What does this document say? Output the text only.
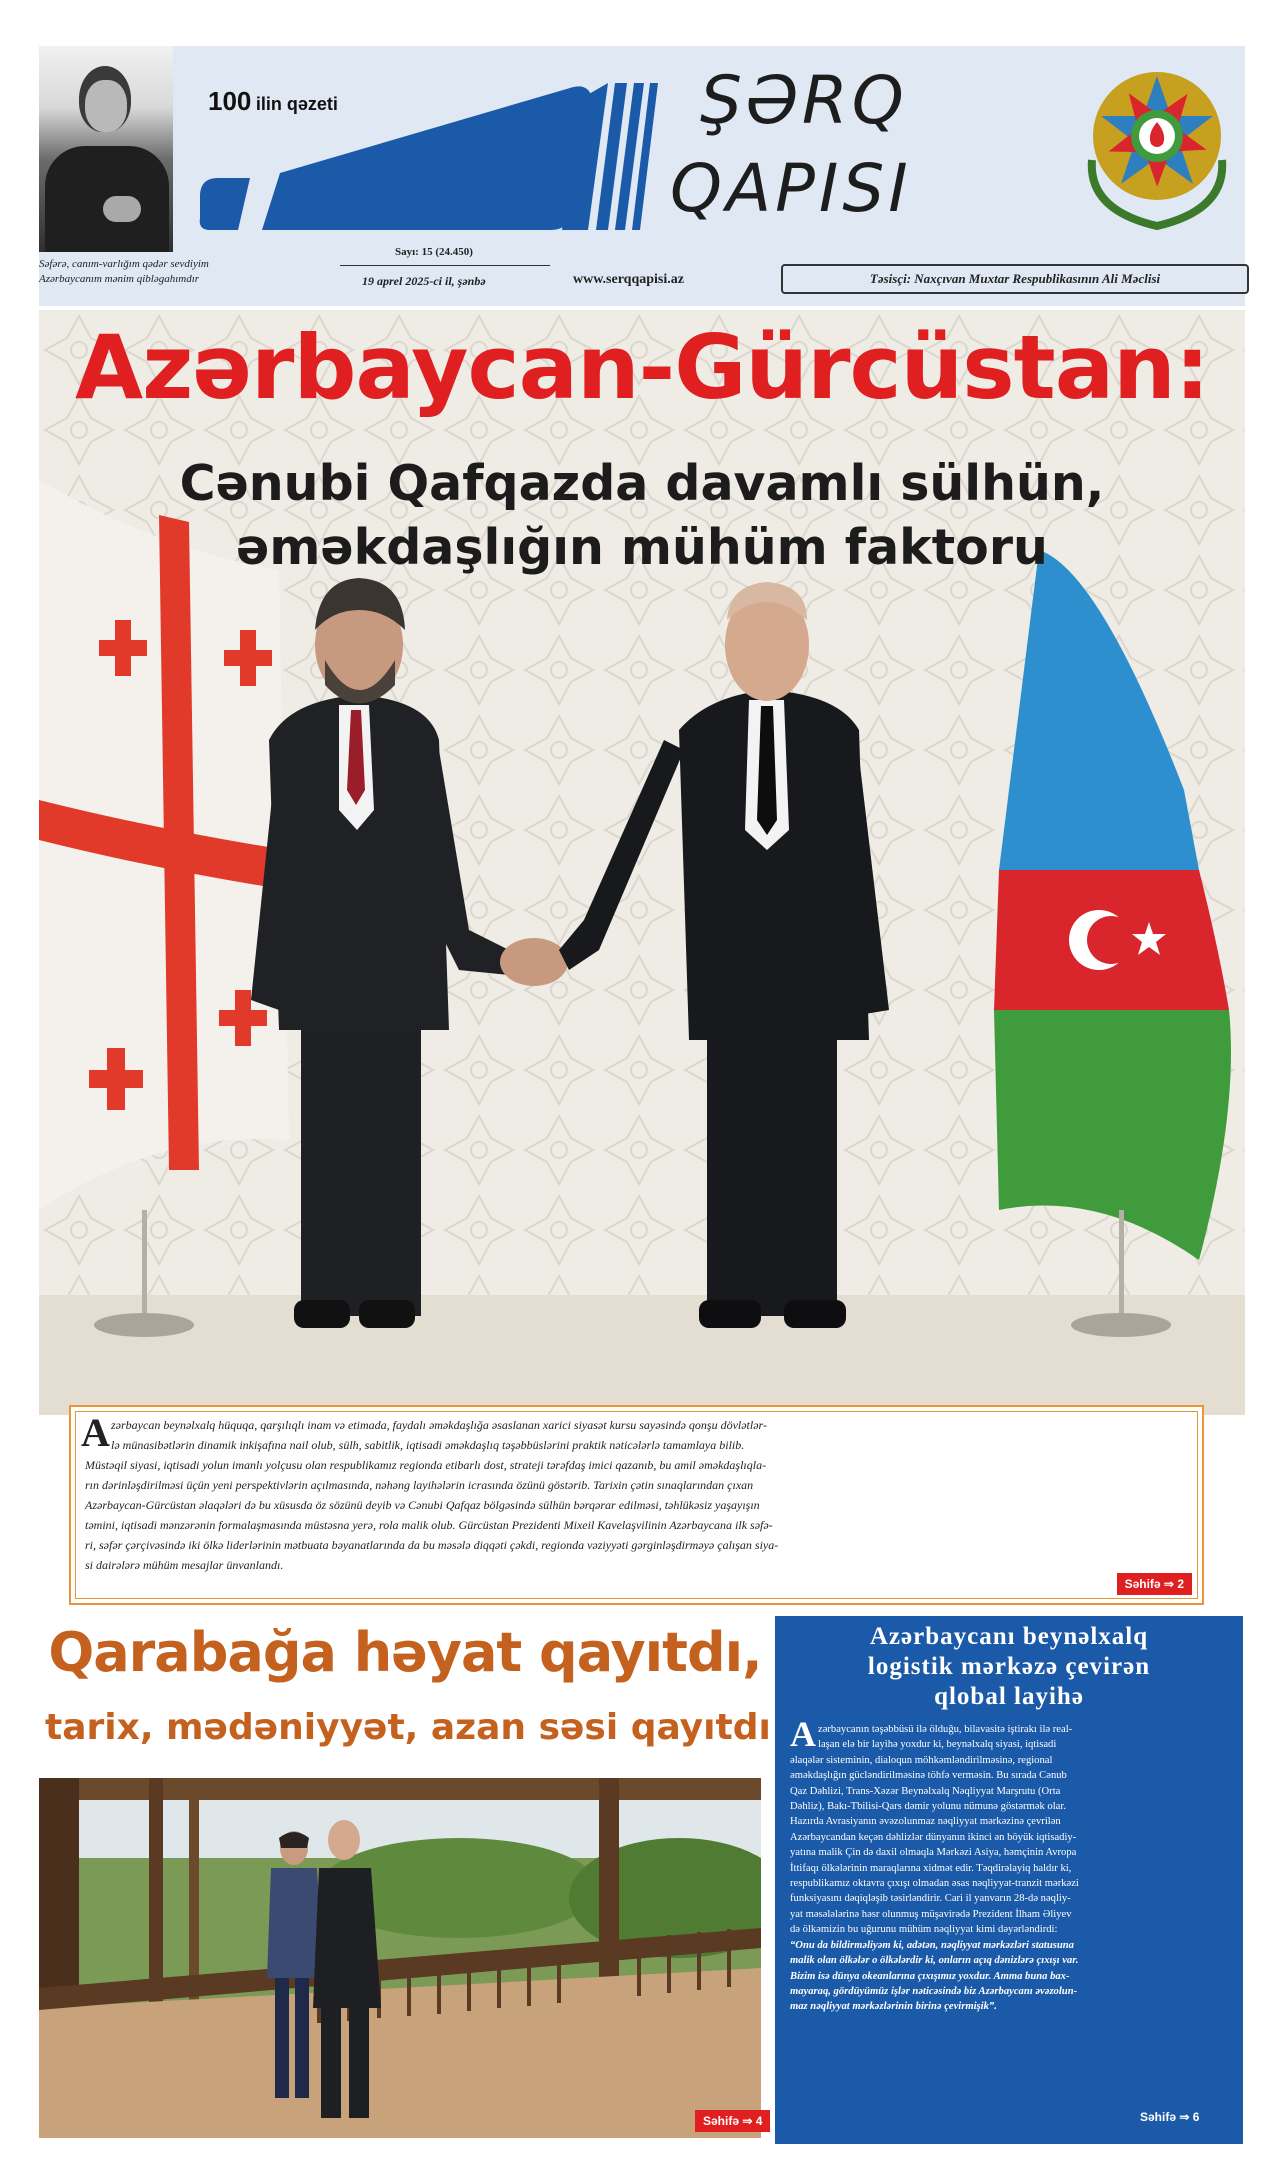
Səfərə, canım-varlığım qədər sevdiyim
Azərbaycanım mənim qibləgahımdır
100 ilin qəzeti
Sayı: 15 (24.450)
19 aprel 2025-ci il, şənbə	www.serqqapisi.az
ŞƏRQ
QAPISI
Təsisçi: Naxçıvan Muxtar Respublikasının Ali Məclisi
Azərbaycan-Gürcüstan:
Cənubi Qafqazda davamlı sülhün,
əməkdaşlığın mühüm faktoru
A zərbaycan beynəlxalq hüquqa, qarşılıqlı inam və etimada, faydalı əməkdaşlığa əsaslanan xarici siyasət kursu sayəsində qonşu dövlətlər-
lə münasibətlərin dinamik inkişafına nail olub, sülh, sabitlik, iqtisadi əməkdaşlıq təşəbbüslərini praktik nəticələrlə tamamlaya bilib.
Müstəqil siyasi, iqtisadi yolun imanlı yolçusu olan respublikamız regionda etibarlı dost, strateji tərəfdaş imici qazanıb, bu amil əməkdaşlıqla-
rın dərinləşdirilməsi üçün yeni perspektivlərin açılmasında, nəhəng layihələrin icrasında özünü göstərib. Tarixin çətin sınaqlarından çıxan
Azərbaycan-Gürcüstan əlaqələri də bu xüsusda öz sözünü deyib və Cənubi Qafqaz bölgəsində sülhün bərqərar edilməsi, təhlükəsiz yaşayışın
təmini, iqtisadi mənzərənin formalaşmasında müstəsna yerə, rola malik olub. Gürcüstan Prezidenti Mixeil Kavelaşvilinin Azərbaycana ilk səfə-
ri, səfər çərçivəsində iki ölkə liderlərinin mətbuata bəyanatlarında da bu məsələ diqqəti çəkdi, regionda vəziyyəti gərginləşdirməyə çalışan siya-
si dairələrə mühüm mesajlar ünvanlandı.
Səhifə ⇒ 2
Qarabağa həyat qayıtdı,
tarix, mədəniyyət, azan səsi qayıtdı
Səhifə ⇒ 4
Azərbaycanı beynəlxalq
logistik mərkəzə çevirən
qlobal layihə
A zərbaycanın təşəbbüsü ilə ölduğu, bilavasitə iştirakı ilə real-
laşan elə bir layihə yoxdur ki, beynəlxalq siyasi, iqtisadi
əlaqələr sisteminin, dialoqun möhkəmləndirilməsinə, regional
əməkdaşlığın gücləndirilməsinə töhfə verməsin. Bu sırada Cənub
Qaz Dəhlizi, Trans-Xəzər Beynəlxalq Nəqliyyat Marşrutu (Orta
Dəhliz), Bakı-Tbilisi-Qars dəmir yolunu nümunə göstərmək olar.
Hazırda Avrasiyanın əvəzolunmaz nəqliyyat mərkəzinə çevrilən
Azərbaycandan keçən dəhlizlər dünyanın ikinci ən böyük iqtisadiy-
yatına malik Çin də daxil olmaqla Mərkəzi Asiya, həmçinin Avropa
İttifaqı ölkələrinin maraqlarına xidmət edir. Təqdirəlayiq haldır ki,
respublikamız oktavra çıxışı olmadan əsas nəqliyyat-tranzit mərkəzi
funksiyasını dəqiqləşib təsirləndirir. Cari il yanvarın 28-də nəqliy-
yat məsələlərinə həsr olunmuş müşavirədə Prezident İlham Əliyev
də ölkəmizin bu uğurunu mühüm nəqliyyat kimi dəyərləndirdi:
“Onu da bildirməliyəm ki, adətən, nəqliyyat mərkəzləri statusuna
malik olan ölkələr o ölkələrdir ki, onların açıq dənizlərə çıxışı var.
Bizim isə dünya okeanlarına çıxışımız yoxdur. Amma buna bax-
mayaraq, gördüyümüz işlər nəticəsində biz Azərbaycanı əvəzolun-
maz nəqliyyat mərkəzlərinin birinə çevirmişik”.
Səhifə ⇒ 6
